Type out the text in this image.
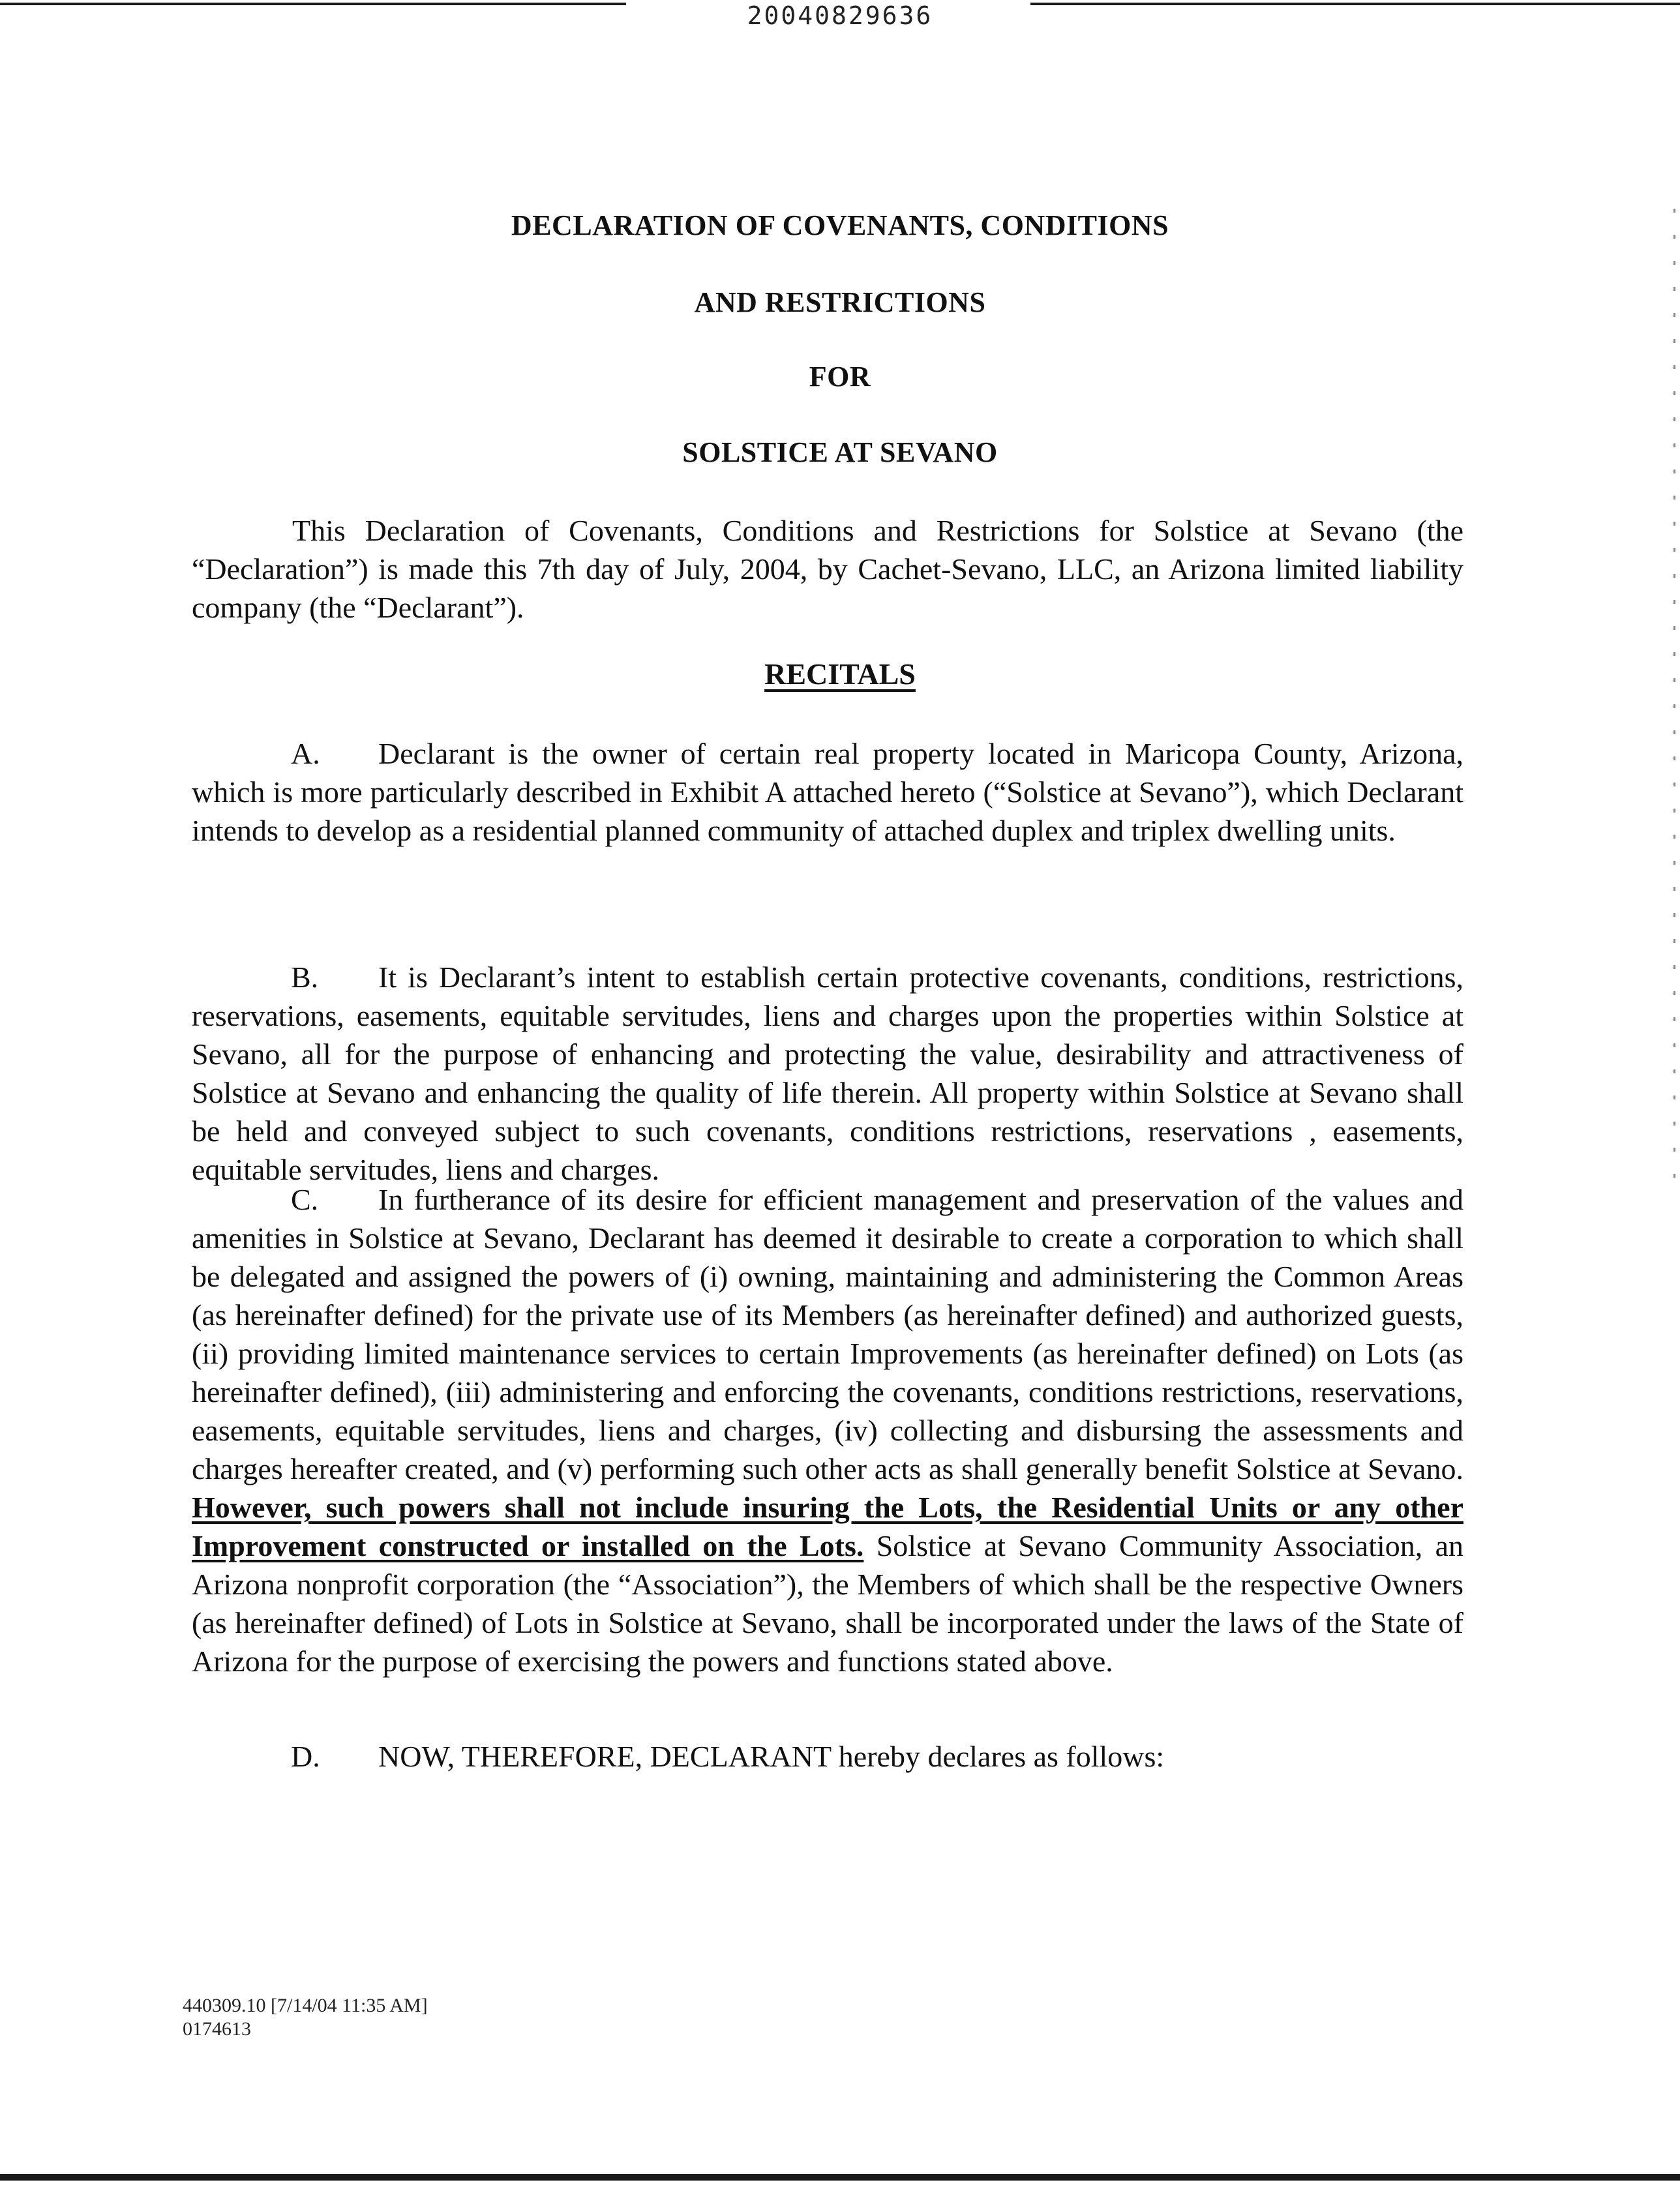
20040829636
DECLARATION OF COVENANTS, CONDITIONS
AND RESTRICTIONS
FOR
SOLSTICE AT SEVANO
This Declaration of Covenants, Conditions and Restrictions for Solstice at Sevano (the “Declaration”) is made this 7th day of July, 2004, by Cachet-Sevano, LLC, an Arizona limited liability company (the “Declarant”).
RECITALS
A. Declarant is the owner of certain real property located in Maricopa County, Arizona, which is more particularly described in Exhibit A attached hereto (“Solstice at Sevano”), which Declarant intends to develop as a residential planned community of attached duplex and triplex dwelling units.
B. It is Declarant’s intent to establish certain protective covenants, conditions, restrictions, reservations, easements, equitable servitudes, liens and charges upon the properties within Solstice at Sevano, all for the purpose of enhancing and protecting the value, desirability and attractiveness of Solstice at Sevano and enhancing the quality of life therein. All property within Solstice at Sevano shall be held and conveyed subject to such covenants, conditions restrictions, reservations , easements, equitable servitudes, liens and charges.
C. In furtherance of its desire for efficient management and preservation of the values and amenities in Solstice at Sevano, Declarant has deemed it desirable to create a corporation to which shall be delegated and assigned the powers of (i) owning, maintaining and administering the Common Areas (as hereinafter defined) for the private use of its Members (as hereinafter defined) and authorized guests, (ii) providing limited maintenance services to certain Improvements (as hereinafter defined) on Lots (as hereinafter defined), (iii) administering and enforcing the covenants, conditions restrictions, reservations, easements, equitable servitudes, liens and charges, (iv) collecting and disbursing the assessments and charges hereafter created, and (v) performing such other acts as shall generally benefit Solstice at Sevano. However, such powers shall not include insuring the Lots, the Residential Units or any other Improvement constructed or installed on the Lots. Solstice at Sevano Community Association, an Arizona nonprofit corporation (the “Association”), the Members of which shall be the respective Owners (as hereinafter defined) of Lots in Solstice at Sevano, shall be incorporated under the laws of the State of Arizona for the purpose of exercising the powers and functions stated above.
D. NOW, THEREFORE, DECLARANT hereby declares as follows:
440309.10 [7/14/04 11:35 AM]
0174613
